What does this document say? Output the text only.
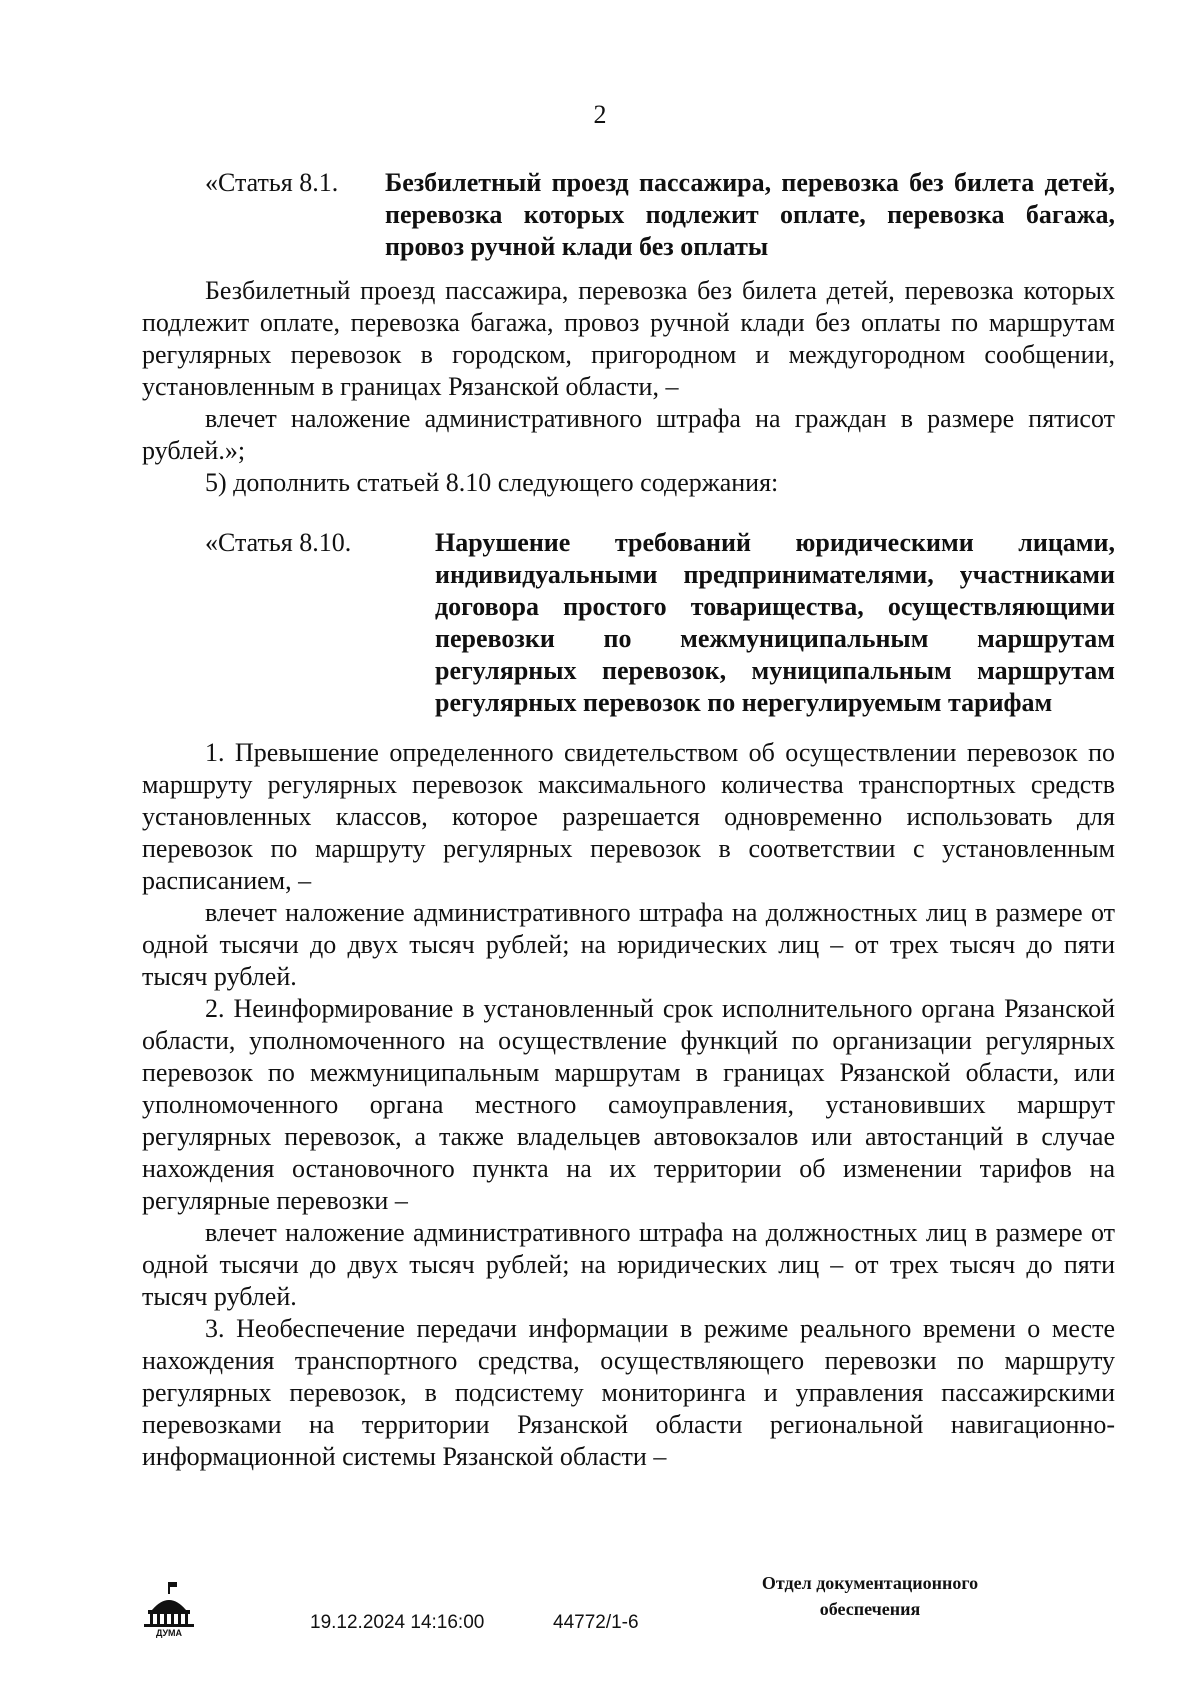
2
«Статья 8.1.	Безбилетный проезд пассажира, перевозка без билета детей, перевозка которых подлежит оплате, перевозка багажа, провоз ручной клади без оплаты

Безбилетный проезд пассажира, перевозка без билета детей, перевозка которых подлежит оплате, перевозка багажа, провоз ручной клади без оплаты по маршрутам регулярных перевозок в городском, пригородном и междугородном сообщении, установленным в границах Рязанской области, –

влечет наложение административного штрафа на граждан в размере пятисот рублей.»;

5) дополнить статьей 8.10 следующего содержания:

«Статья 8.10.	Нарушение требований юридическими лицами, индивидуальными предпринимателями, участниками договора простого товарищества, осуществляющими перевозки по межмуниципальным маршрутам регулярных перевозок, муниципальным маршрутам регулярных перевозок по нерегулируемым тарифам

1. Превышение определенного свидетельством об осуществлении перевозок по маршруту регулярных перевозок максимального количества транспортных средств установленных классов, которое разрешается одновременно использовать для перевозок по маршруту регулярных перевозок в соответствии с установленным расписанием, –

влечет наложение административного штрафа на должностных лиц в размере от одной тысячи до двух тысяч рублей; на юридических лиц – от трех тысяч до пяти тысяч рублей.

2. Неинформирование в установленный срок исполнительного органа Рязанской области, уполномоченного на осуществление функций по организации регулярных перевозок по межмуниципальным маршрутам в границах Рязанской области, или уполномоченного органа местного самоуправления, установивших маршрут регулярных перевозок, а также владельцев автовокзалов или автостанций в случае нахождения остановочного пункта на их территории об изменении тарифов на регулярные перевозки –

влечет наложение административного штрафа на должностных лиц в размере от одной тысячи до двух тысяч рублей; на юридических лиц – от трех тысяч до пяти тысяч рублей.

3. Необеспечение передачи информации в режиме реального времени о месте нахождения транспортного средства, осуществляющего перевозки по маршруту регулярных перевозок, в подсистему мониторинга и управления пассажирскими перевозками на территории Рязанской области региональной навигационно-информационной системы Рязанской области –

ДУМА	19.12.2024 14:16:00	44772/1-6
Отдел документационного
обеспечения
